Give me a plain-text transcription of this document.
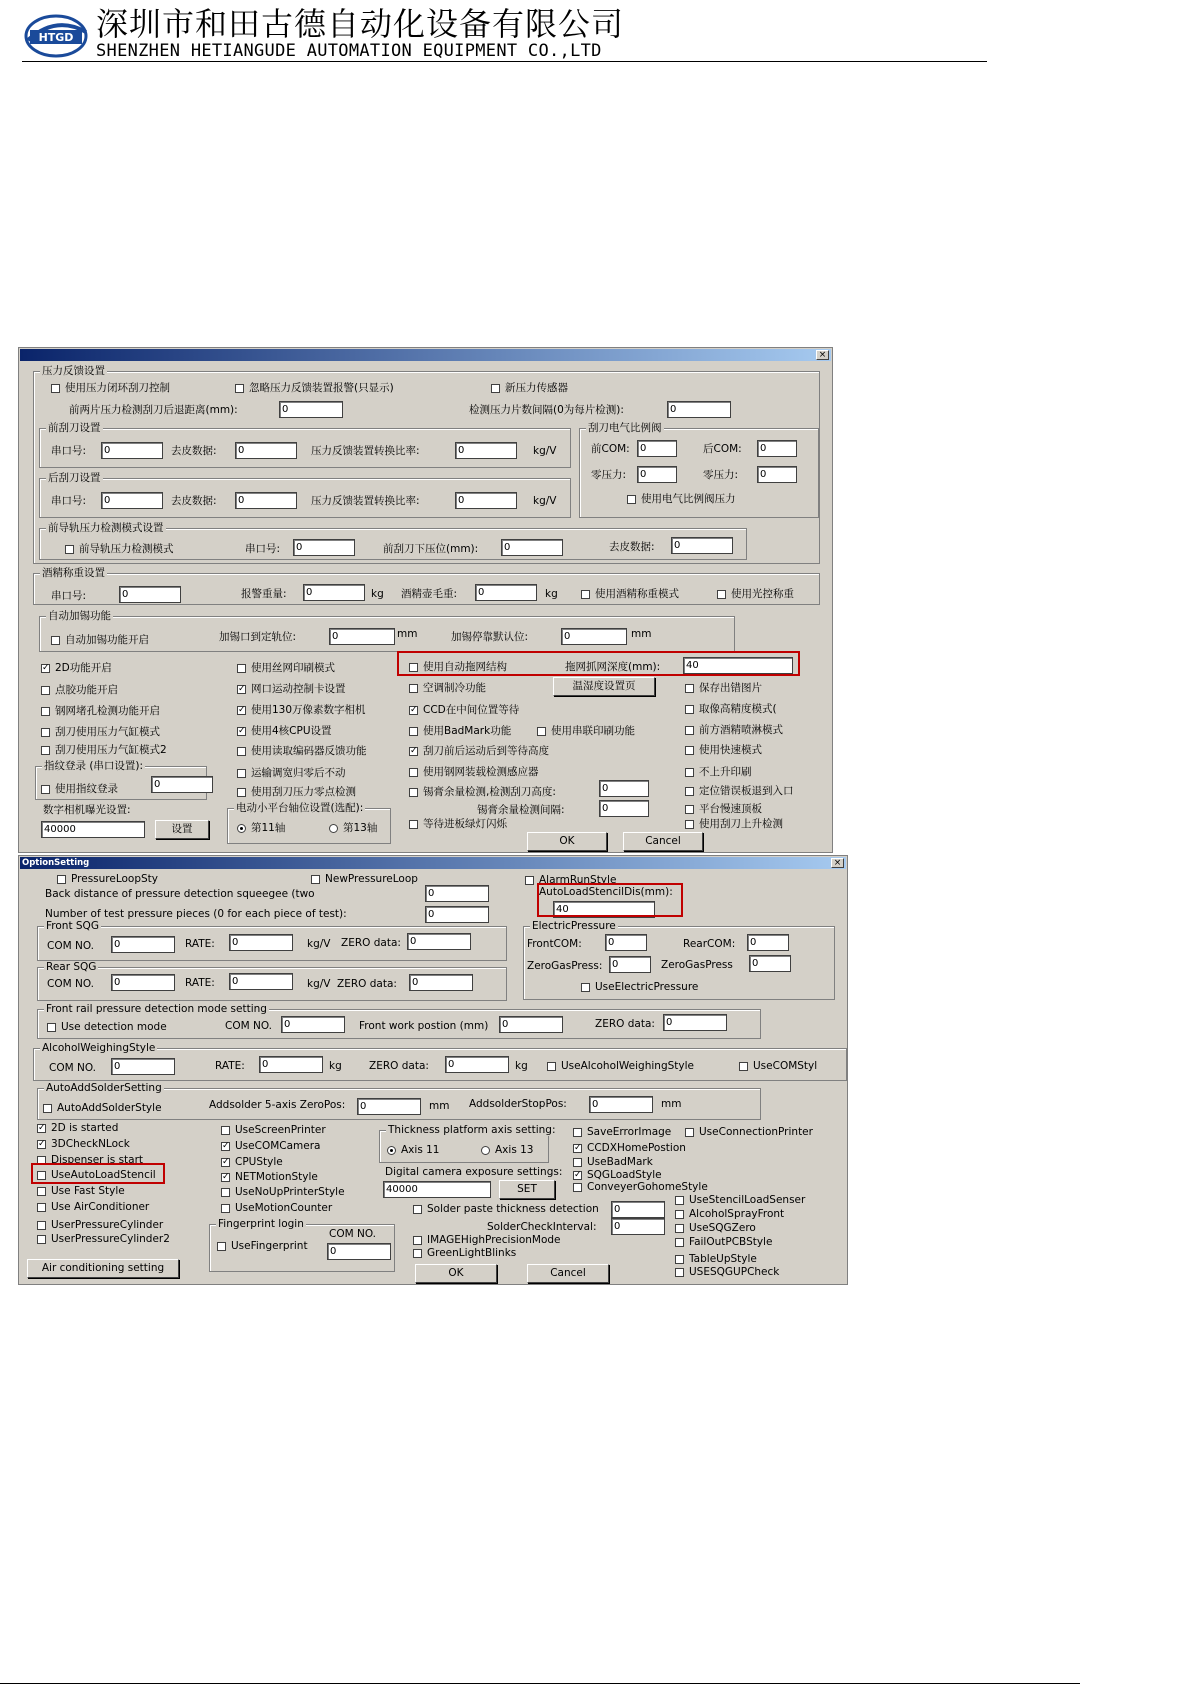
HTGD 深圳市和田古德自动化设备有限公司
SHENZHEN HETIANGUDE AUTOMATION EQUIPMENT CO.,LTD
×
压力反馈设置
使用压力闭环刮刀控制	忽略压力反馈装置报警(只显示)	新压力传感器
前两片压力检测刮刀后退距离(mm):	0	检测压力片数间隔(0为每片检测):	0
前刮刀设置
串口号:	0	去皮数据:	0	压力反馈装置转换比率:	0	kg/V
后刮刀设置
串口号:	0	去皮数据:	0	压力反馈装置转换比率:	0	kg/V
刮刀电气比例阀
前COM:	0	后COM:	0
零压力:	0	零压力:	0
使用电气比例阀压力
前导轨压力检测模式设置
前导轨压力检测模式	串口号:	0	前刮刀下压位(mm):	0	去皮数据:	0
酒精称重设置
串口号:	0	报警重量:	0	kg 酒精壶毛重:	0	kg	使用酒精称重模式	使用光控称重
自动加锡功能
自动加锡功能开启	加锡口到定轨位:	0	mm	加锡停靠默认位:	0	mm
✓ 2D功能开启
点胶功能开启
钢网堵孔检测功能开启
刮刀使用压力气缸模式
刮刀使用压力气缸模式2
使用丝网印刷模式
✓ 网口运动控制卡设置
✓ 使用130万像素数字相机
✓ 使用4核CPU设置
使用读取编码器反馈功能
运输调宽归零后不动
使用刮刀压力零点检测
使用自动拖网结构	拖网抓网深度(mm):	40
空调制冷功能	温湿度设置页
✓ CCD在中间位置等待
使用BadMark功能	使用串联印刷功能
✓ 刮刀前后运动后到等待高度
使用钢网装载检测感应器
锡膏余量检测,检测刮刀高度:	0
锡膏余量检测间隔:	0
等待进板绿灯闪烁
保存出错图片
取像高精度模式(
前方酒精喷淋模式
使用快速模式
不上升印刷
定位错误板退到入口
平台慢速顶板
使用刮刀上升检测
指纹登录 (串口设置):
使用指纹登录	0
数字相机曝光设置:
40000	设置
电动小平台轴位设置(选配):
第11轴	第13轴
OK	Cancel
OptionSetting	×
PressureLoopSty	NewPressureLoop	AlarmRunStyle
Back distance of pressure detection squeegee (two	0
Number of test pressure pieces (0 for each piece of test):	0
AutoLoadStencilDis(mm):
40
Front SQG
COM NO.	0	RATE:	0	kg/V ZERO data: 0
Rear SQG
COM NO.	0	RATE:	0	kg/V ZERO data:	0
ElectricPressure
FrontCOM:	0	RearCOM:	0
ZeroGasPress: 0	ZeroGasPress	0
UseElectricPressure
Front rail pressure detection mode setting
Use detection mode	COM NO.	0	Front work postion (mm)	0	ZERO data:	0
AlcoholWeighingStyle
COM NO.	0	RATE:	0	kg	ZERO data:	0	kg	UseAlcoholWeighingStyle	UseCOMStyl
AutoAddSolderSetting
AutoAddSolderStyle	Addsolder 5-axis ZeroPos:	0	mm AddsolderStopPos:	0	mm
✓ 2D is started
✓ 3DCheckNLock
Dispenser is start
UseAutoLoadStencil
Use Fast Style
Use AirConditioner
UserPressureCylinder
UserPressureCylinder2
UseScreenPrinter
✓ UseCOMCamera
✓ CPUStyle
✓ NETMotionStyle
UseNoUpPrinterStyle
UseMotionCounter
Thickness platform axis setting:
Axis 11	Axis 13
Digital camera exposure settings:
40000	SET
Fingerprint login
UseFingerprint
COM NO.
0
Solder paste thickness detection	0
SolderCheckInterval:	0
IMAGEHighPrecisionMode
GreenLightBlinks
SaveErrorImage	UseConnectionPrinter
✓ CCDXHomePostion
UseBadMark
✓ SQGLoadStyle
ConveyerGohomeStyle
UseStencilLoadSenser
AlcoholSprayFront
UseSQGZero
FailOutPCBStyle
TableUpStyle
USESQGUPCheck
Air conditioning setting	OK	Cancel
